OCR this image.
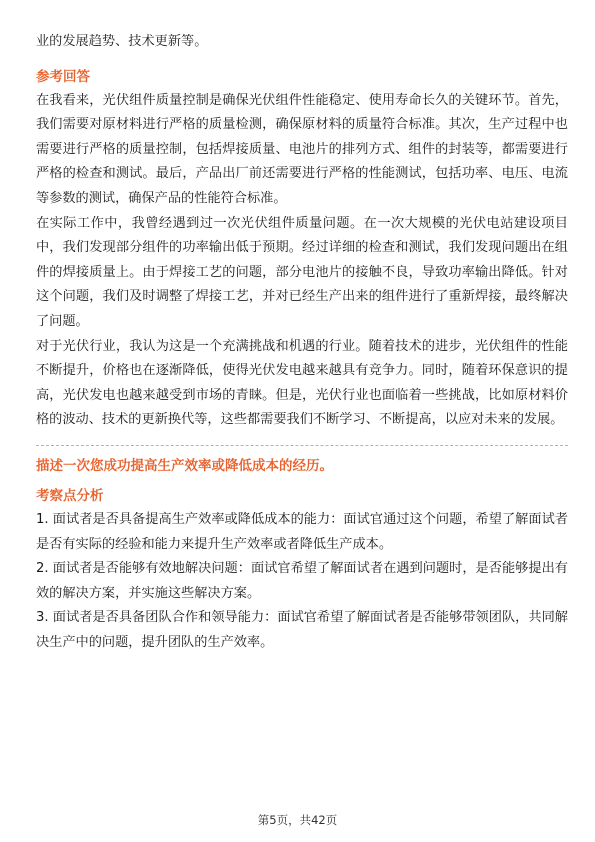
业的发展趋势、技术更新等。

参考回答

在我看来，光伏组件质量控制是确保光伏组件性能稳定、使用寿命长久的关键环节。首先，我们需要对原材料进行严格的质量检测，确保原材料的质量符合标准。其次，生产过程中也需要进行严格的质量控制，包括焊接质量、电池片的排列方式、组件的封装等，都需要进行严格的检查和测试。最后，产品出厂前还需要进行严格的性能测试，包括功率、电压、电流等参数的测试，确保产品的性能符合标准。

在实际工作中，我曾经遇到过一次光伏组件质量问题。在一次大规模的光伏电站建设项目中，我们发现部分组件的功率输出低于预期。经过详细的检查和测试，我们发现问题出在组件的焊接质量上。由于焊接工艺的问题，部分电池片的接触不良，导致功率输出降低。针对这个问题，我们及时调整了焊接工艺，并对已经生产出来的组件进行了重新焊接，最终解决了问题。

对于光伏行业，我认为这是一个充满挑战和机遇的行业。随着技术的进步，光伏组件的性能不断提升，价格也在逐渐降低，使得光伏发电越来越具有竞争力。同时，随着环保意识的提高，光伏发电也越来越受到市场的青睐。但是，光伏行业也面临着一些挑战，比如原材料价格的波动、技术的更新换代等，这些都需要我们不断学习、不断提高，以应对未来的发展。

描述一次您成功提高生产效率或降低成本的经历。

考察点分析

1. 面试者是否具备提高生产效率或降低成本的能力：面试官通过这个问题，希望了解面试者是否有实际的经验和能力来提升生产效率或者降低生产成本。

2. 面试者是否能够有效地解决问题：面试官希望了解面试者在遇到问题时，是否能够提出有效的解决方案，并实施这些解决方案。

3. 面试者是否具备团队合作和领导能力：面试官希望了解面试者是否能够带领团队，共同解决生产中的问题，提升团队的生产效率。

第5页，共42页
